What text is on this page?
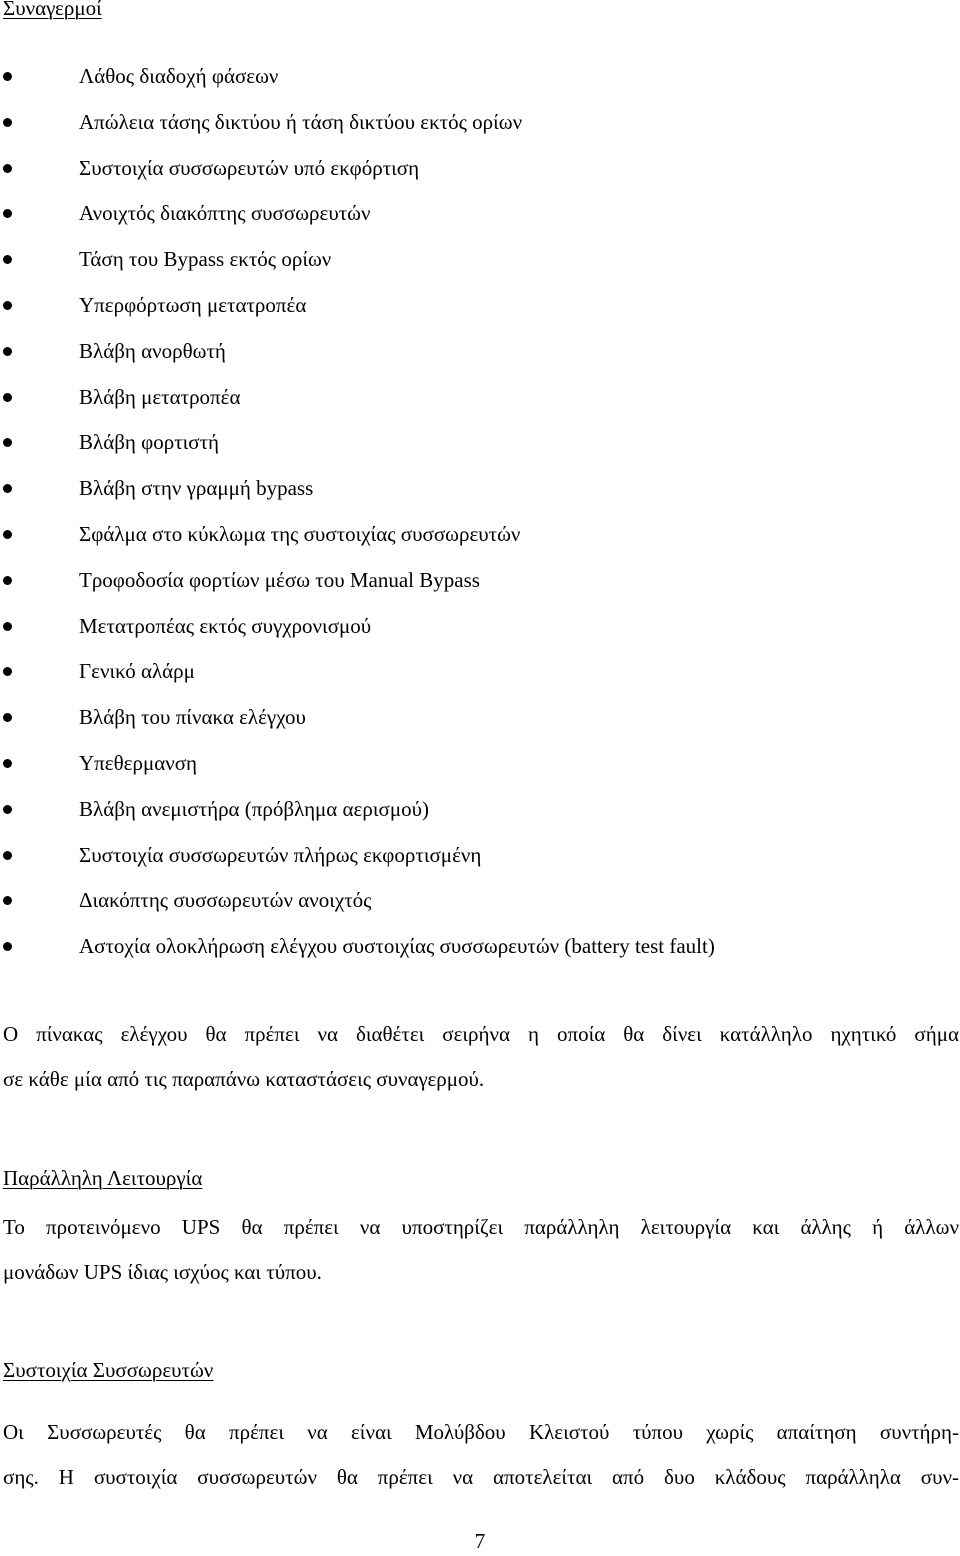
Συναγερμοί
Λάθος διαδοχή φάσεων
Απώλεια τάσης δικτύου ή τάση δικτύου εκτός ορίων
Συστοιχία συσσωρευτών υπό εκφόρτιση
Ανοιχτός διακόπτης συσσωρευτών
Τάση του Bypass εκτός ορίων
Υπερφόρτωση μετατροπέα
Βλάβη ανορθωτή
Βλάβη μετατροπέα
Βλάβη φορτιστή
Βλάβη στην γραμμή bypass
Σφάλμα στο κύκλωμα της συστοιχίας συσσωρευτών
Τροφοδοσία φορτίων μέσω του Manual Bypass
Μετατροπέας εκτός συγχρονισμού
Γενικό αλάρμ
Βλάβη του πίνακα ελέγχου
Υπεθερμανση
Βλάβη ανεμιστήρα (πρόβλημα αερισμού)
Συστοιχία συσσωρευτών πλήρως εκφορτισμένη
Διακόπτης συσσωρευτών ανοιχτός
Αστοχία ολοκλήρωση ελέγχου συστοιχίας συσσωρευτών (battery test fault)

Ο πίνακας ελέγχου θα πρέπει να διαθέτει σειρήνα η οποία θα δίνει κατάλληλο ηχητικό σήμα
σε κάθε μία από τις παραπάνω καταστάσεις συναγερμού.

Παράλληλη Λειτουργία

Το προτεινόμενο UPS θα πρέπει να υποστηρίζει παράλληλη λειτουργία και άλλης ή άλλων
μονάδων UPS ίδιας ισχύος και τύπου.

Συστοιχία Συσσωρευτών

Οι Συσσωρευτές θα πρέπει να είναι Μολύβδου Κλειστού τύπου χωρίς απαίτηση συντήρη-
σης. Η συστοιχία συσσωρευτών θα πρέπει να αποτελείται από δυο κλάδους παράλληλα συν-

7
